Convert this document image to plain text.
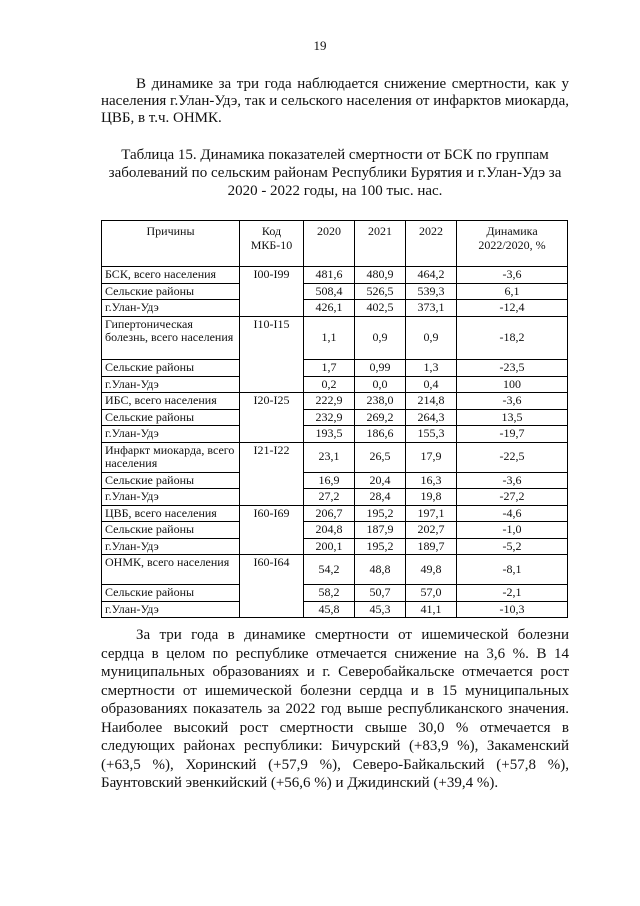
19
В динамике за три года наблюдается снижение смертности, как у населения г.Улан-Удэ, так и сельского населения от инфарктов миокарда, ЦВБ, в т.ч. ОНМК.
Таблица 15. Динамика показателей смертности от БСК по группам заболеваний по сельским районам Республики Бурятия и г.Улан-Удэ за 2020 - 2022 годы, на 100 тыс. нас.
Причины	Код МКБ-10	2020	2021	2022	Динамика 2022/2020, %
БСК, всего населения	I00-I99	481,6	480,9	464,2	-3,6
Сельские районы		508,4	526,5	539,3	6,1
г.Улан-Удэ		426,1	402,5	373,1	-12,4
Гипертоническая болезнь, всего населения	I10-I15	1,1	0,9	0,9	-18,2
Сельские районы		1,7	0,99	1,3	-23,5
г.Улан-Удэ		0,2	0,0	0,4	100
ИБС, всего населения	I20-I25	222,9	238,0	214,8	-3,6
Сельские районы		232,9	269,2	264,3	13,5
г.Улан-Удэ		193,5	186,6	155,3	-19,7
Инфаркт миокарда, всего населения	I21-I22	23,1	26,5	17,9	-22,5
Сельские районы		16,9	20,4	16,3	-3,6
г.Улан-Удэ		27,2	28,4	19,8	-27,2
ЦВБ, всего населения	I60-I69	206,7	195,2	197,1	-4,6
Сельские районы		204,8	187,9	202,7	-1,0
г.Улан-Удэ		200,1	195,2	189,7	-5,2
ОНМК, всего населения	I60-I64	54,2	48,8	49,8	-8,1
Сельские районы		58,2	50,7	57,0	-2,1
г.Улан-Удэ		45,8	45,3	41,1	-10,3
За три года в динамике смертности от ишемической болезни сердца в целом по республике отмечается снижение на 3,6 %. В 14 муниципальных образованиях и г. Северобайкальске отмечается рост смертности от ишемической болезни сердца и в 15 муниципальных образованиях показатель за 2022 год выше республиканского значения. Наиболее высокий рост смертности свыше 30,0 % отмечается в следующих районах республики: Бичурский (+83,9 %), Закаменский (+63,5 %), Хоринский (+57,9 %), Северо-Байкальский (+57,8 %), Баунтовский эвенкийский (+56,6 %) и Джидинский (+39,4 %).
